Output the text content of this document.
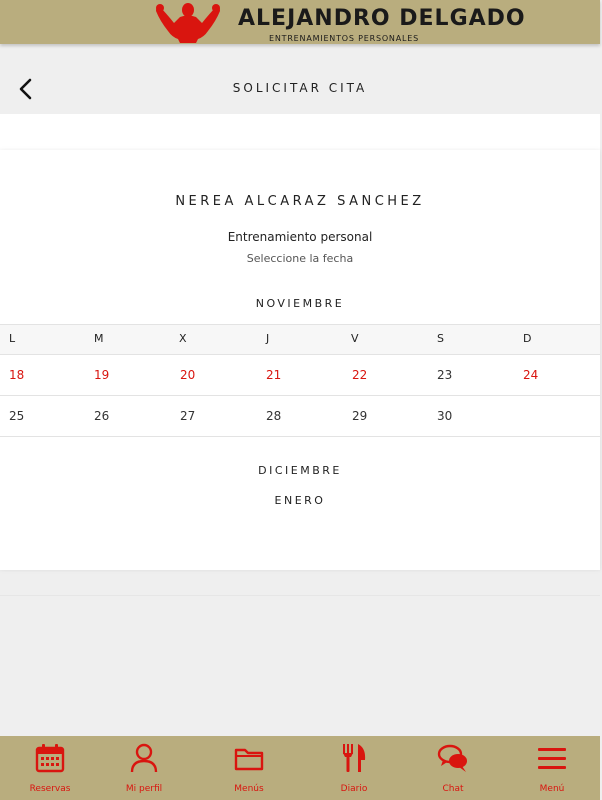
ALEJANDRO DELGADO
ENTRENAMIENTOS PERSONALES
SOLICITAR CITA
NEREA ALCARAZ SANCHEZ
Entrenamiento personal
Seleccione la fecha
NOVIEMBRE
L	M	X	J	V	S	D
18	19	20	21	22	23	24
25	26	27	28	29	30
DICIEMBRE
ENERO
Reservas	Mi perfil	Menús	Diario	Chat	Menú
